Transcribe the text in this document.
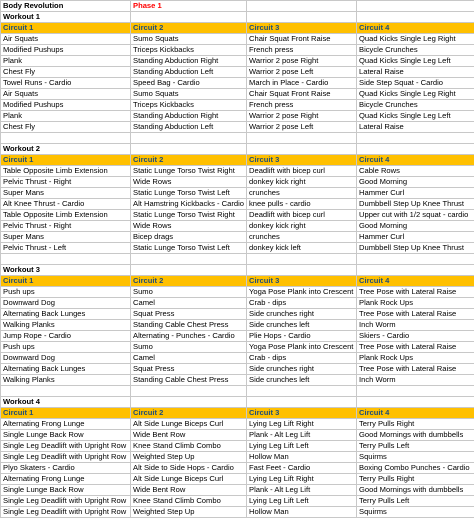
Body Revolution	Phase 1		
Workout 1			
Circuit 1	Circuit 2	Circuit 3	Circuit 4
Air Squats	Sumo Squats	Chair Squat Front Raise	Quad Kicks Single Leg Right
Modified Pushups	Triceps Kickbacks	French press	Bicycle Crunches
Plank	Standing Abduction Right	Warrior 2 pose Right	Quad Kicks Single Leg Left
Chest Fly	Standing Abduction Left	Warrior 2 pose Left	Lateral Raise
Towel Runs - Cardio	Speed Bag - Cardio	March in Place - Cardio	Side Step Squat - Cardio
Air Squats	Sumo Squats	Chair Squat Front Raise	Quad Kicks Single Leg Right
Modified Pushups	Triceps Kickbacks	French press	Bicycle Crunches
Plank	Standing Abduction Right	Warrior 2 pose Right	Quad Kicks Single Leg Left
Chest Fly	Standing Abduction Left	Warrior 2 pose Left	Lateral Raise

Workout 2			
Circuit 1	Circuit 2	Circuit 3	Circuit 4
Table Opposite Limb Extension	Static Lunge Torso Twist Right	Deadlift with bicep curl	Cable Rows
Pelvic Thrust - Right	Wide Rows	donkey kick right	Good Morning
Super Mans	Static Lunge Torso Twist Left	crunches	Hammer Curl
Alt Knee Thrust - Cardio	Alt Hamstring Kickbacks - Cardio	knee pulls - cardio	Dumbbell Step Up Knee Thrust
Table Opposite Limb Extension	Static Lunge Torso Twist Right	Deadlift with bicep curl	Upper cut with 1/2 squat - cardio
Pelvic Thrust - Right	Wide Rows	donkey kick right	Good Morning
Super Mans	Bicep drags	crunches	Hammer Curl
Pelvic Thrust - Left	Static Lunge Torso Twist Left	donkey kick left	Dumbbell Step Up Knee Thrust

Workout 3			
Circuit 1	Circuit 2	Circuit 3	Circuit 4
Push ups	Sumo	Yoga Pose Plank into Crescent	Tree Pose with Lateral Raise
Downward Dog	Camel	Crab - dips	Plank Rock Ups
Alternating Back Lunges	Squat Press	Side crunches right	Tree Pose with Lateral Raise
Walking Planks	Standing Cable Chest Press	Side crunches left	Inch Worm
Jump Rope - Cardio	Alternating - Punches - Cardio	Plie Hops - Cardio	Skiers - Cardio
Push ups	Sumo	Yoga Pose Plank into Crescent	Tree Pose with Lateral Raise
Downward Dog	Camel	Crab - dips	Plank Rock Ups
Alternating Back Lunges	Squat Press	Side crunches right	Tree Pose with Lateral Raise
Walking Planks	Standing Cable Chest Press	Side crunches left	Inch Worm

Workout 4			
Circuit 1	Circuit 2	Circuit 3	Circuit 4
Alternating Frong Lunge	Alt Side Lunge Biceps Curl	Lying Leg Lift Right	Terry Pulls Right
Single Lunge Back Row	Wide Bent Row	Plank - Alt Leg Lift	Good Mornings with dumbbells
Single Leg Deadlift with Upright Row	Knee Stand Climb Combo	Lying Leg Lift Left	Terry Pulls Left
Single Leg Deadlift with Upright Row	Weighted Step Up	Hollow Man	Squirms
Plyo Skaters - Cardio	Alt Side to Side Hops - Cardio	Fast Feet - Cardio	Boxing Combo Punches - Cardio
Alternating Frong Lunge	Alt Side Lunge Biceps Curl	Lying Leg Lift Right	Terry Pulls Right
Single Lunge Back Row	Wide Bent Row	Plank - Alt Leg Lift	Good Mornings with dumbbells
Single Leg Deadlift with Upright Row	Knee Stand Climb Combo	Lying Leg Lift Left	Terry Pulls Left
Single Leg Deadlift with Upright Row	Weighted Step Up	Hollow Man	Squirms
